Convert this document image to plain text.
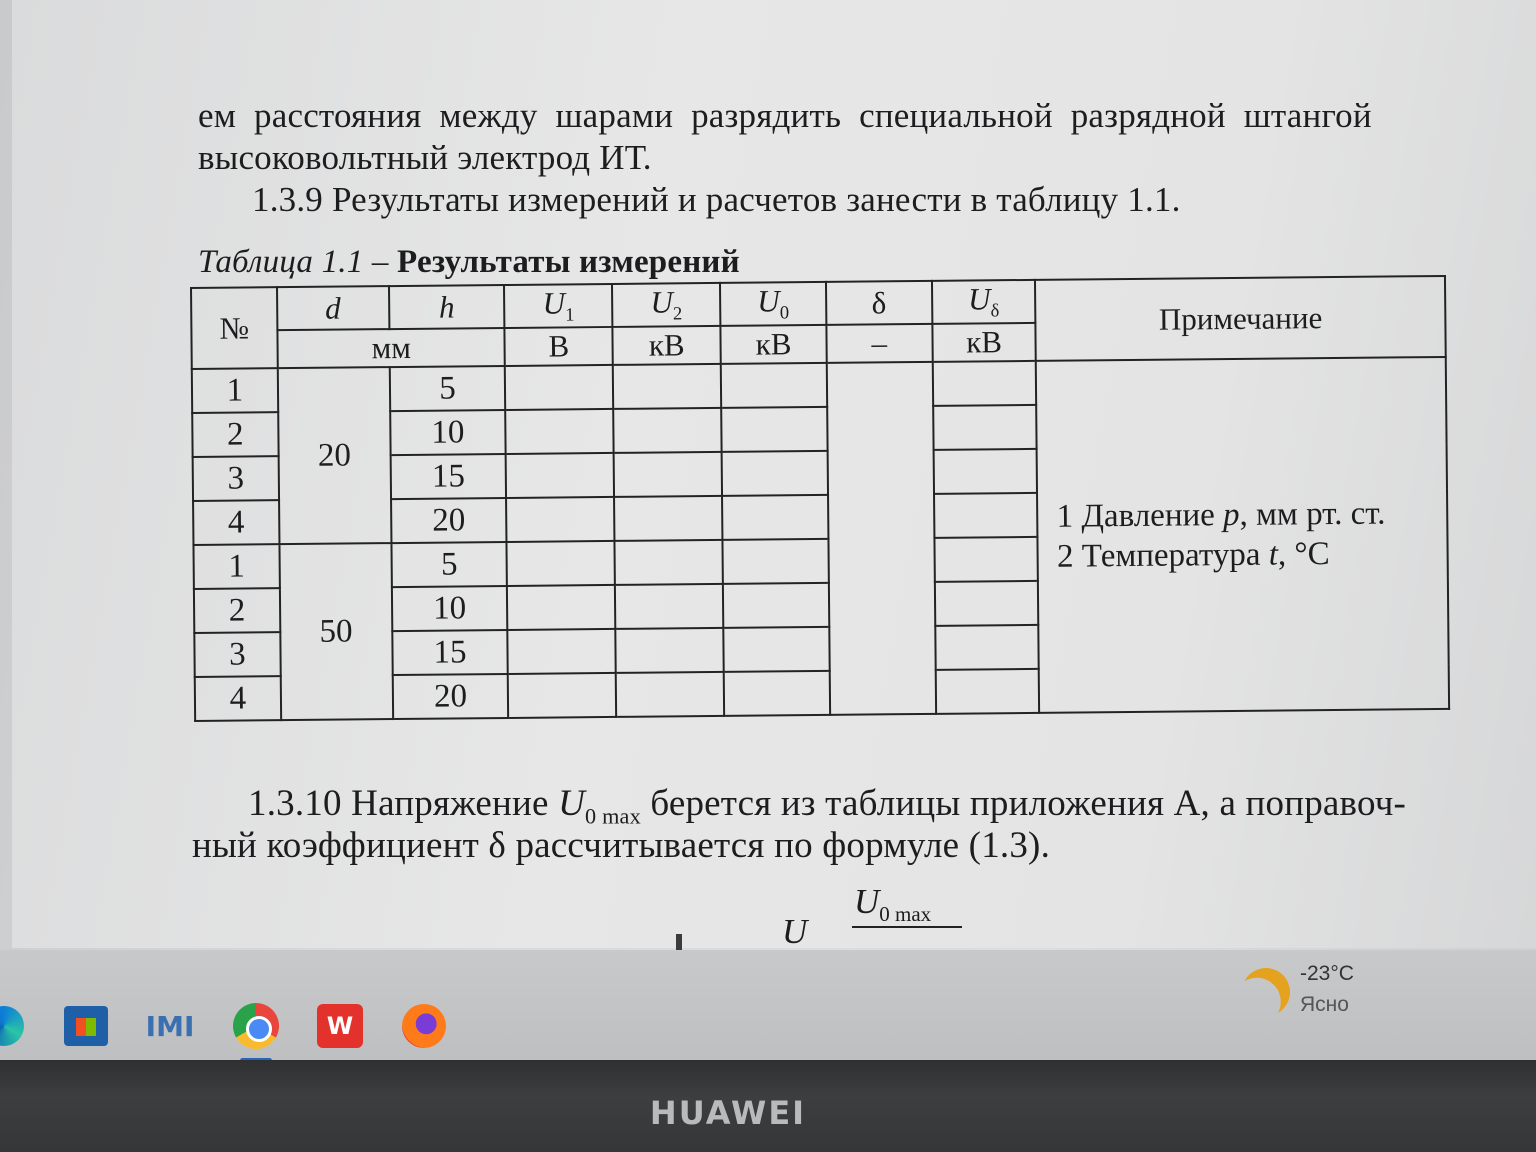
ем расстояния между шарами разрядить специальной разрядной штангой
высоковольтный электрод ИТ.
1.3.9 Результаты измерений и расчетов занести в таблицу 1.1.
Таблица 1.1 – Результаты измерений
№	d	h	$U_1$	$U_2$	$U_0$	δ	$U_\delta$	Примечание
	мм		В	кВ	кВ	–	кВ	
1	20	5						1 Давление p, мм рт. ст.
2 Температура t, °C

2		10						
3		15						
4		20						
1	50	5						
2		10						
3		15						
4		20						
1.3.10 Напряжение $U_{0 max}$ берется из таблицы приложения А, а поправоч-
ный коэффициент δ рассчитывается по формуле (1.3).
U
$U_{0 max}$
IMI	W
-23°C
Ясно
HUAWEI
